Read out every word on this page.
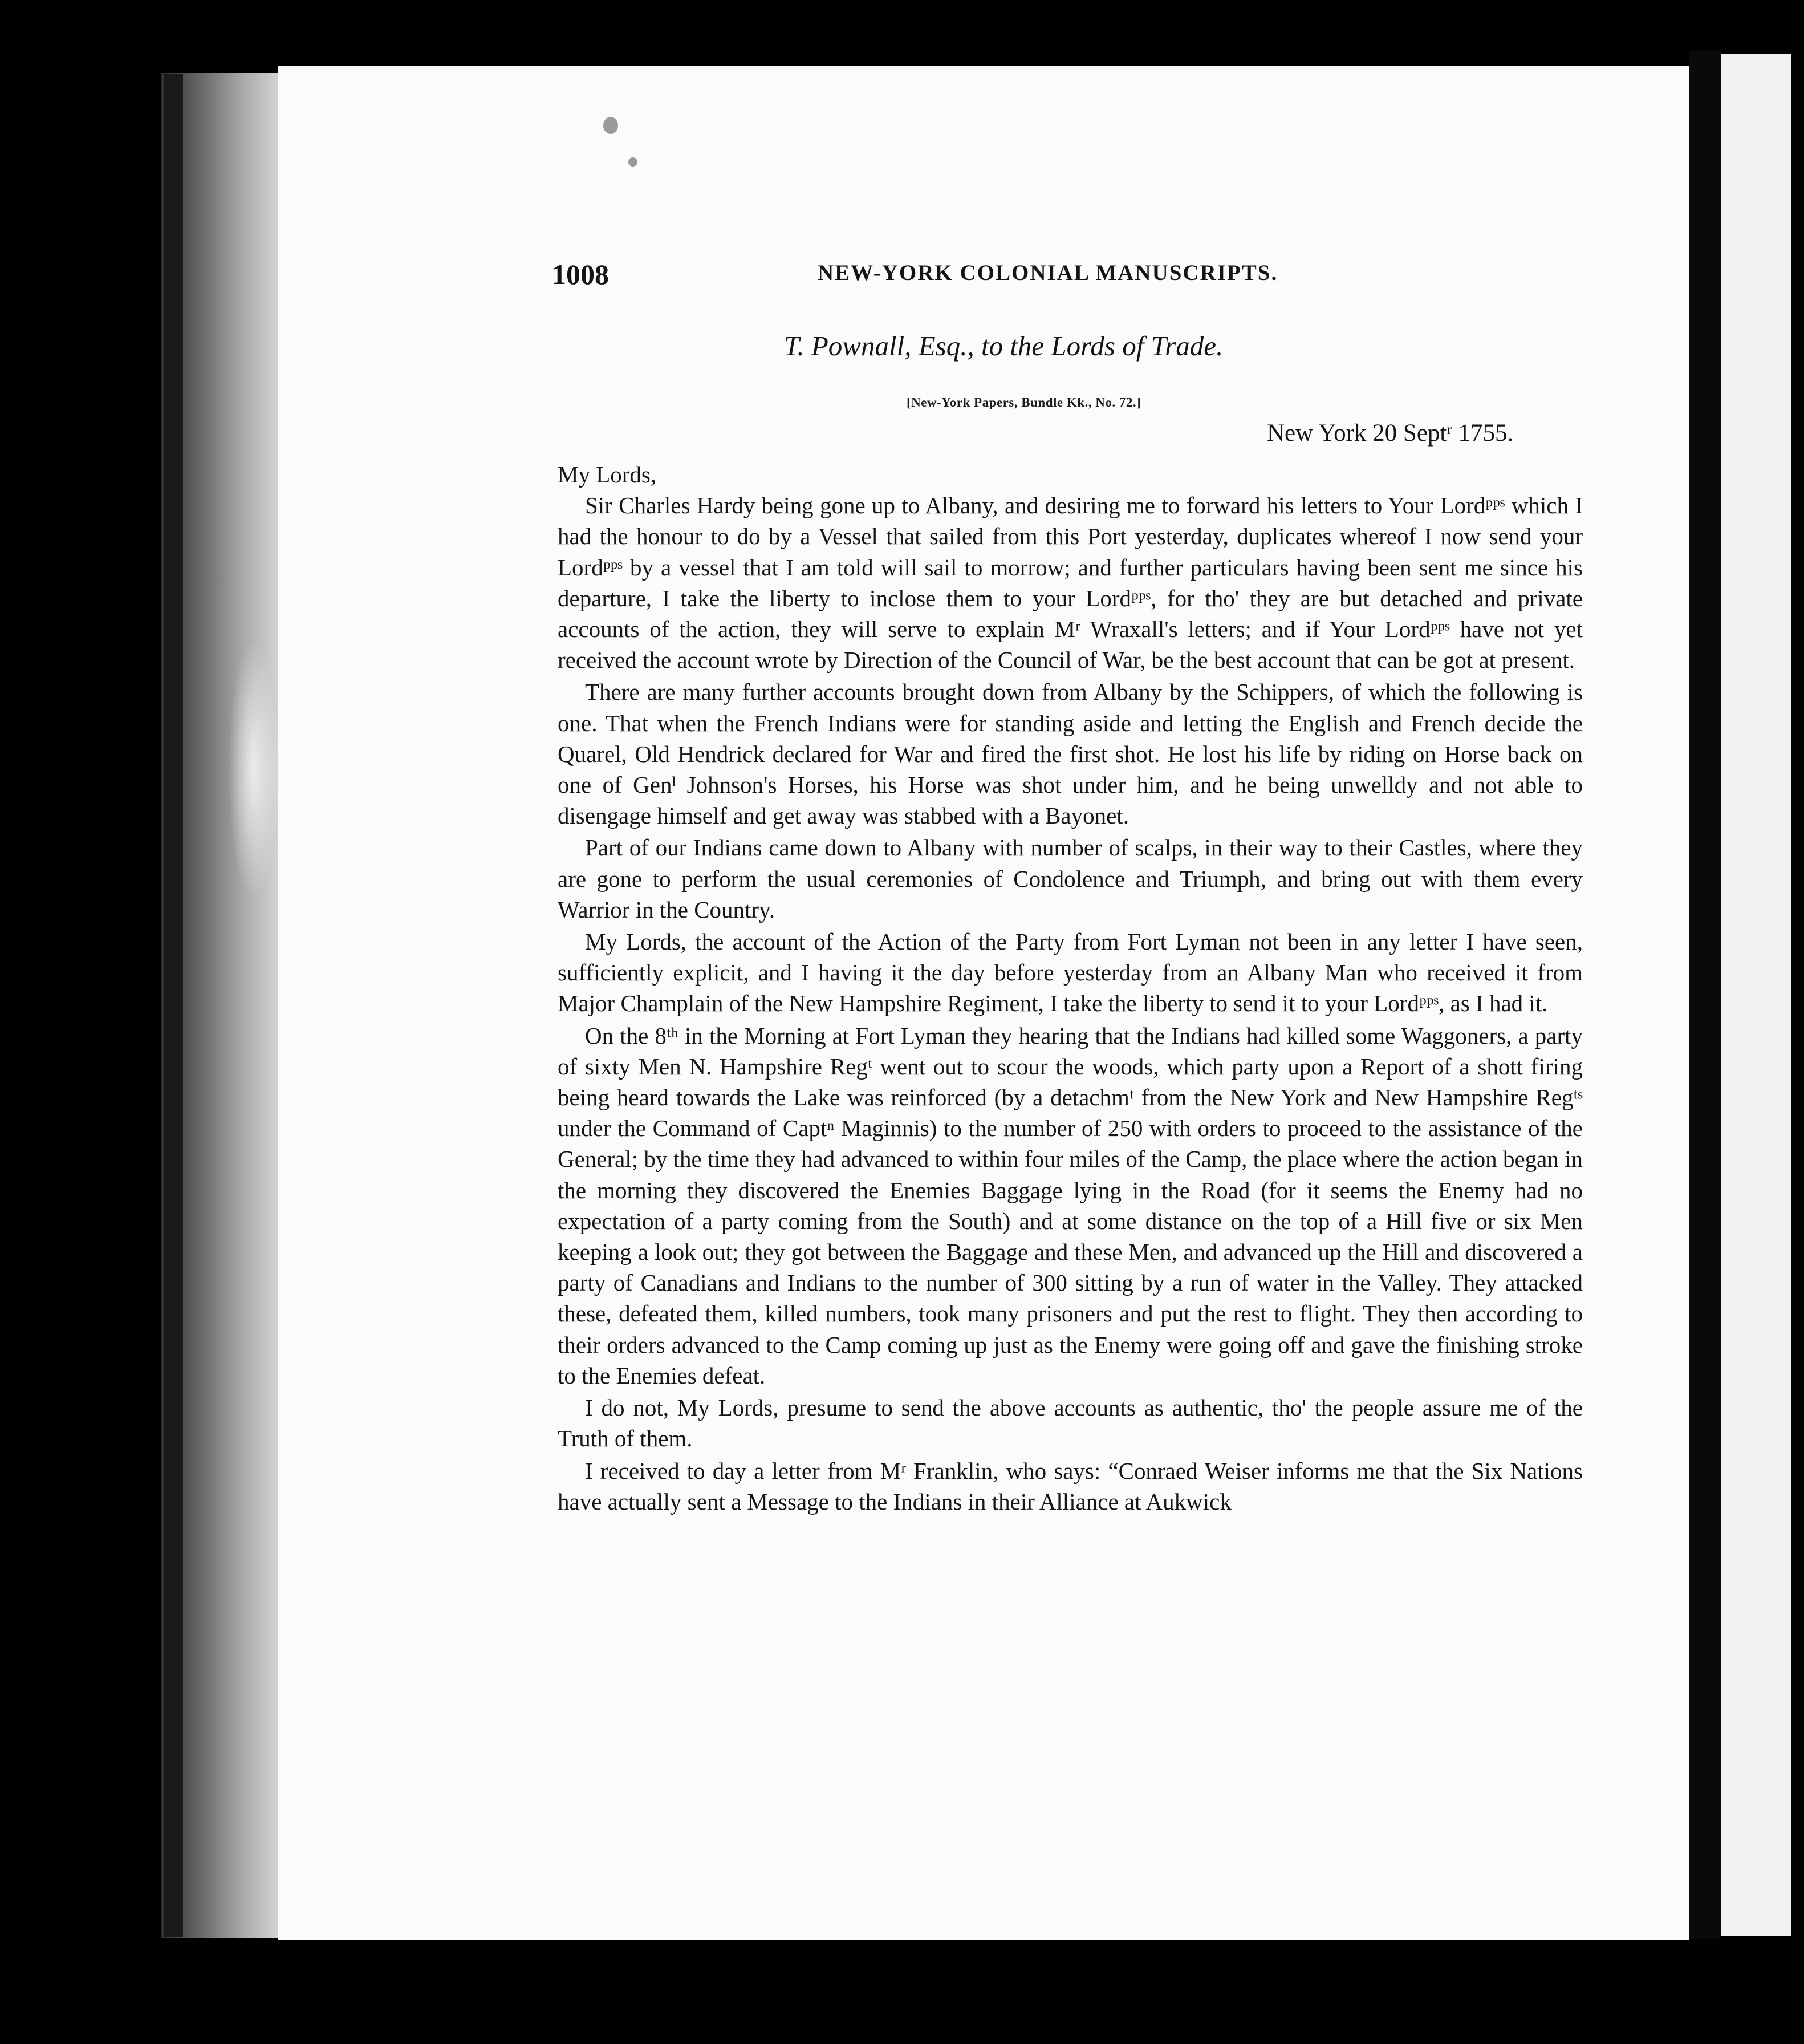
1008	NEW-YORK COLONIAL MANUSCRIPTS.
T. Pownall, Esq., to the Lords of Trade.
[New-York Papers, Bundle Kk., No. 72.]
New York 20 Septʳ 1755.

My Lords,

Sir Charles Hardy being gone up to Albany, and desiring me to forward his letters to Your Lordᵖᵖˢ which I had the honour to do by a Vessel that sailed from this Port yesterday, duplicates whereof I now send your Lordᵖᵖˢ by a vessel that I am told will sail to morrow; and further particulars having been sent me since his departure, I take the liberty to inclose them to your Lordᵖᵖˢ, for tho' they are but detached and private accounts of the action, they will serve to explain Mʳ Wraxall's letters; and if Your Lordᵖᵖˢ have not yet received the account wrote by Direction of the Council of War, be the best account that can be got at present.

There are many further accounts brought down from Albany by the Schippers, of which the following is one. That when the French Indians were for standing aside and letting the English and French decide the Quarel, Old Hendrick declared for War and fired the first shot. He lost his life by riding on Horse back on one of Genˡ Johnson's Horses, his Horse was shot under him, and he being unwelldy and not able to disengage himself and get away was stabbed with a Bayonet.

Part of our Indians came down to Albany with number of scalps, in their way to their Castles, where they are gone to perform the usual ceremonies of Condolence and Triumph, and bring out with them every Warrior in the Country.

My Lords, the account of the Action of the Party from Fort Lyman not been in any letter I have seen, sufficiently explicit, and I having it the day before yesterday from an Albany Man who received it from Major Champlain of the New Hampshire Regiment, I take the liberty to send it to your Lordᵖᵖˢ, as I had it.

On the 8ᵗʰ in the Morning at Fort Lyman they hearing that the Indians had killed some Waggoners, a party of sixty Men N. Hampshire Regᵗ went out to scour the woods, which party upon a Report of a shott firing being heard towards the Lake was reinforced (by a detachmᵗ from the New York and New Hampshire Regᵗˢ under the Command of Captⁿ Maginnis) to the number of 250 with orders to proceed to the assistance of the General; by the time they had advanced to within four miles of the Camp, the place where the action began in the morning they discovered the Enemies Baggage lying in the Road (for it seems the Enemy had no expectation of a party coming from the South) and at some distance on the top of a Hill five or six Men keeping a look out; they got between the Baggage and these Men, and advanced up the Hill and discovered a party of Canadians and Indians to the number of 300 sitting by a run of water in the Valley. They attacked these, defeated them, killed numbers, took many prisoners and put the rest to flight. They then according to their orders advanced to the Camp coming up just as the Enemy were going off and gave the finishing stroke to the Enemies defeat.

I do not, My Lords, presume to send the above accounts as authentic, tho' the people assure me of the Truth of them.

I received to day a letter from Mʳ Franklin, who says: “Conraed Weiser informs me that the Six Nations have actually sent a Message to the Indians in their Alliance at Aukwick
